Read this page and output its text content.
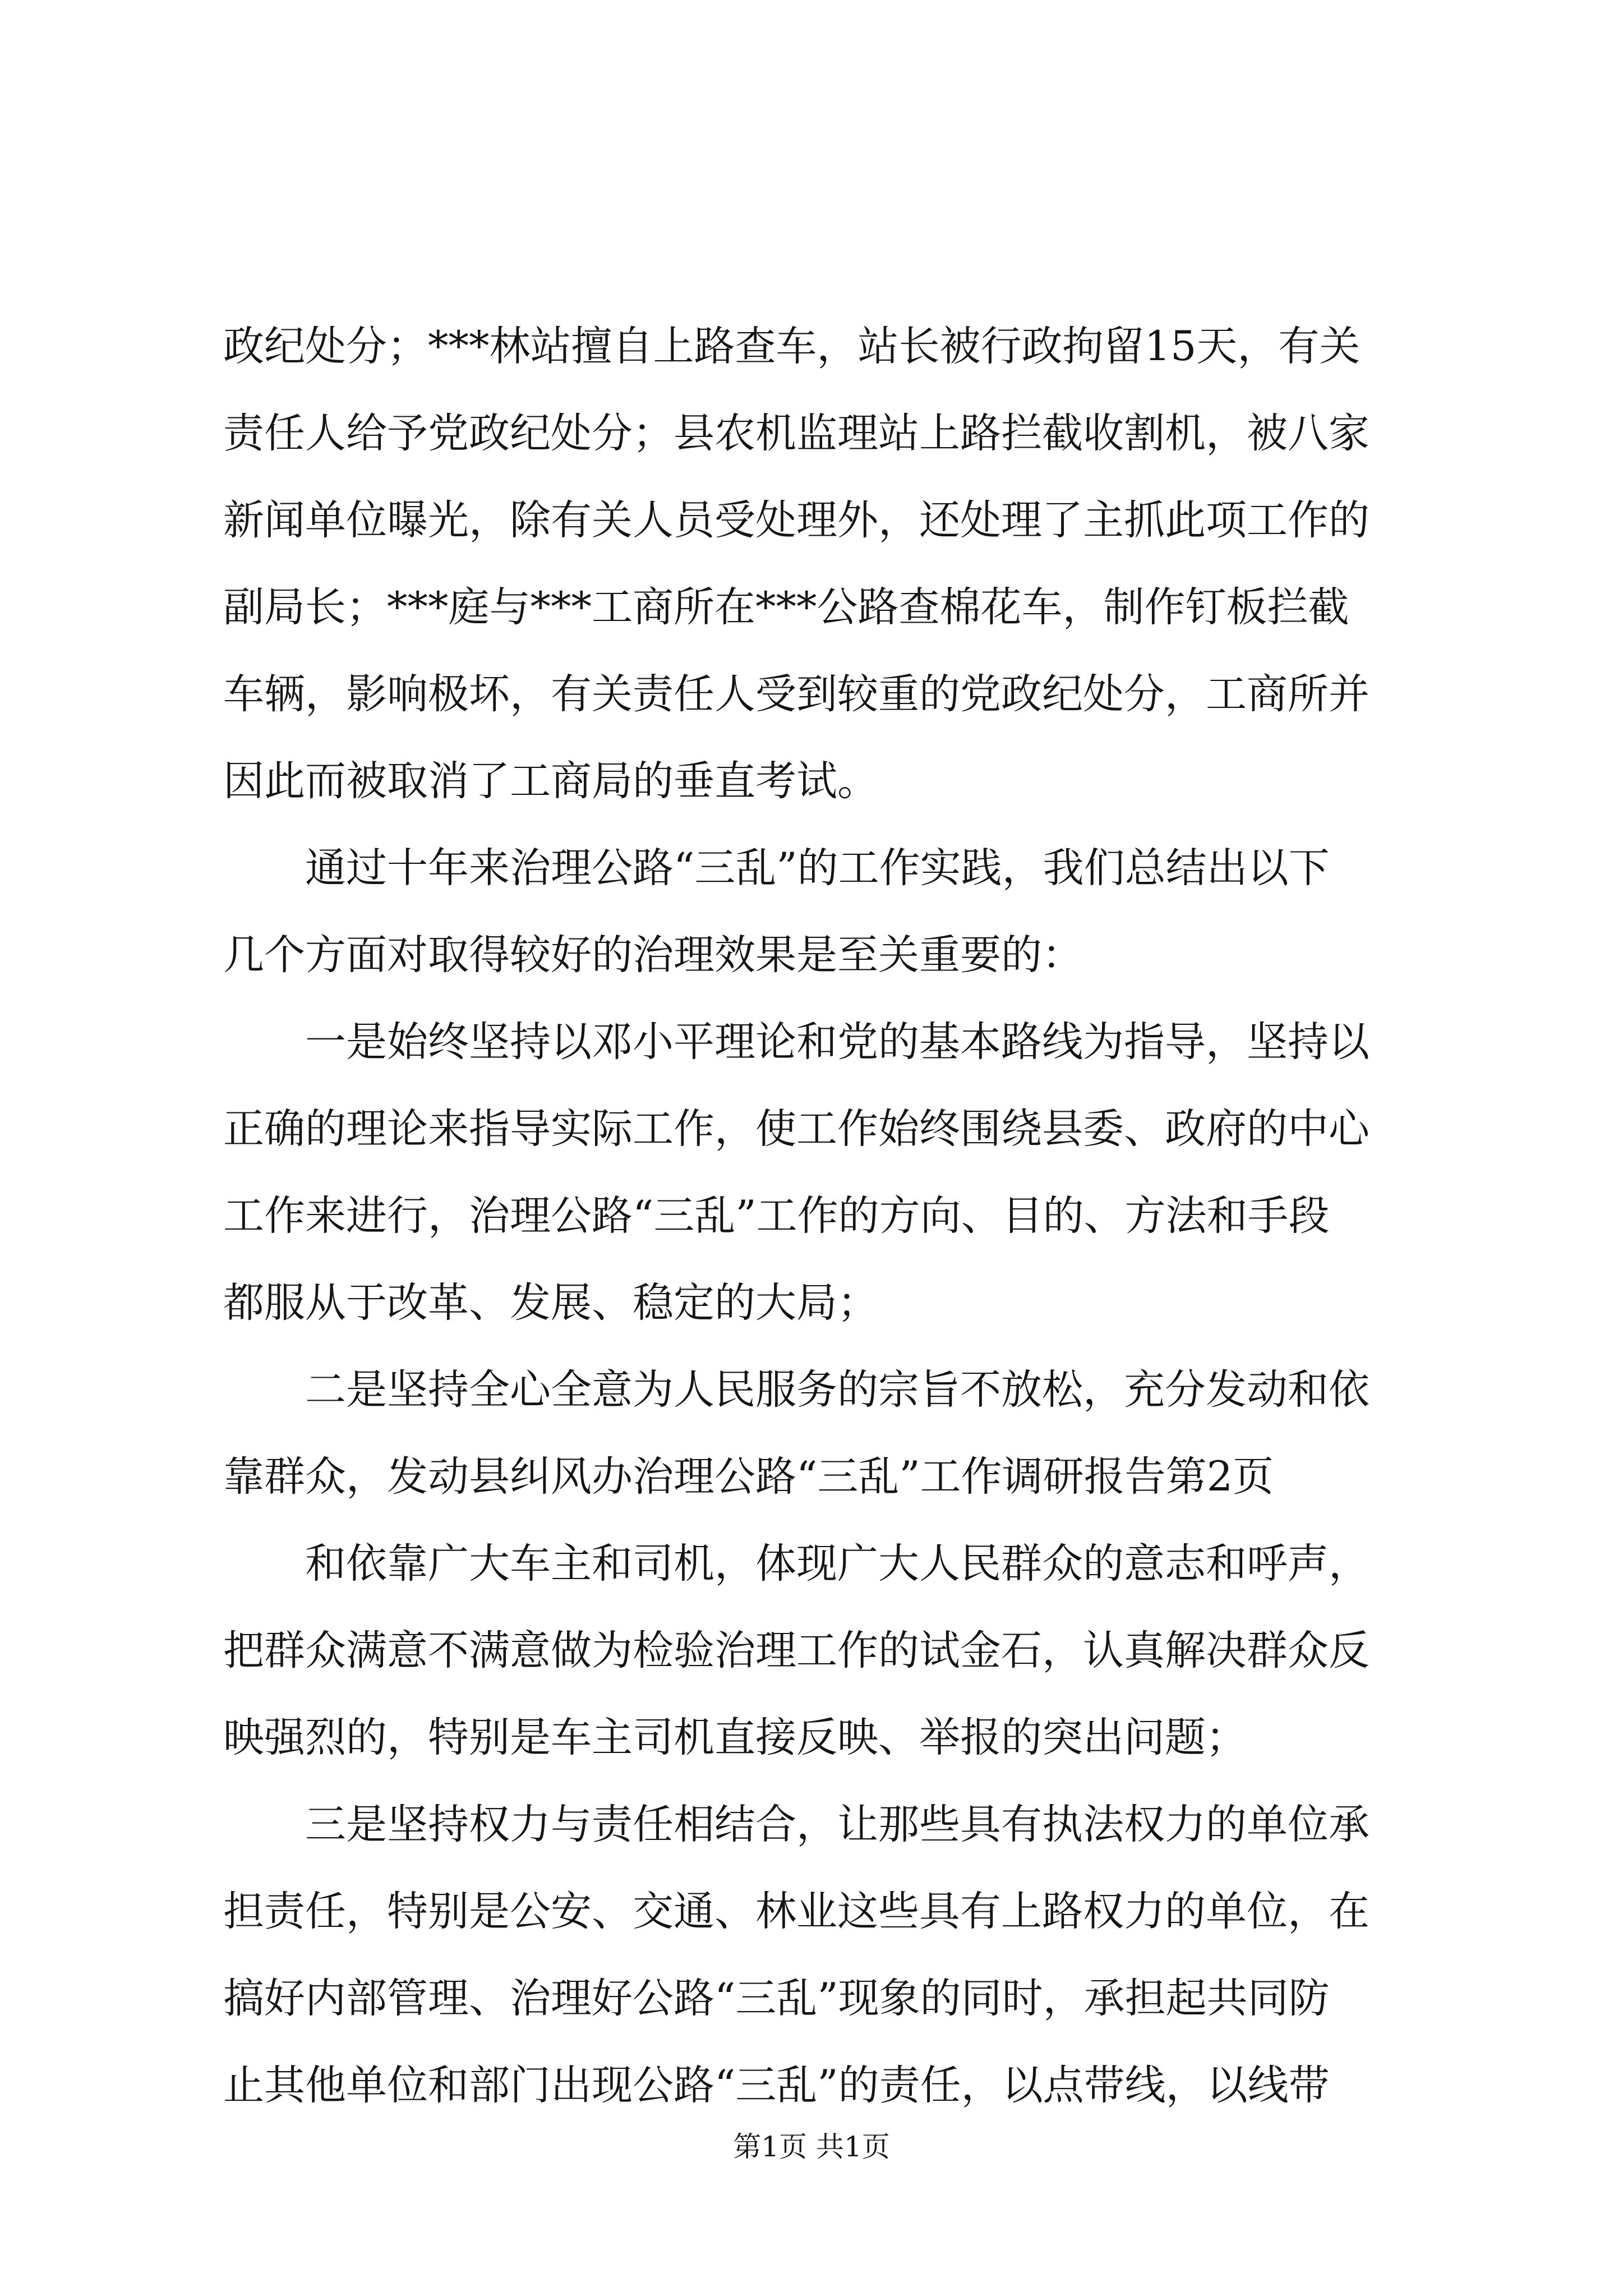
政纪处分；***林站擅自上路查车，站长被行政拘留15天，有关
责任人给予党政纪处分；县农机监理站上路拦截收割机，被八家
新闻单位曝光，除有关人员受处理外，还处理了主抓此项工作的
副局长；***庭与***工商所在***公路查棉花车，制作钉板拦截
车辆，影响极坏，有关责任人受到较重的党政纪处分，工商所并
因此而被取消了工商局的垂直考试。
通过十年来治理公路“三乱”的工作实践，我们总结出以下
几个方面对取得较好的治理效果是至关重要的：
一是始终坚持以邓小平理论和党的基本路线为指导，坚持以
正确的理论来指导实际工作，使工作始终围绕县委、政府的中心
工作来进行，治理公路“三乱”工作的方向、目的、方法和手段
都服从于改革、发展、稳定的大局；
二是坚持全心全意为人民服务的宗旨不放松，充分发动和依
靠群众，发动县纠风办治理公路“三乱”工作调研报告第2页
和依靠广大车主和司机，体现广大人民群众的意志和呼声，
把群众满意不满意做为检验治理工作的试金石，认真解决群众反
映强烈的，特别是车主司机直接反映、举报的突出问题；
三是坚持权力与责任相结合，让那些具有执法权力的单位承
担责任，特别是公安、交通、林业这些具有上路权力的单位，在
搞好内部管理、治理好公路“三乱”现象的同时，承担起共同防
止其他单位和部门出现公路“三乱”的责任，以点带线，以线带
第1页 共1页
